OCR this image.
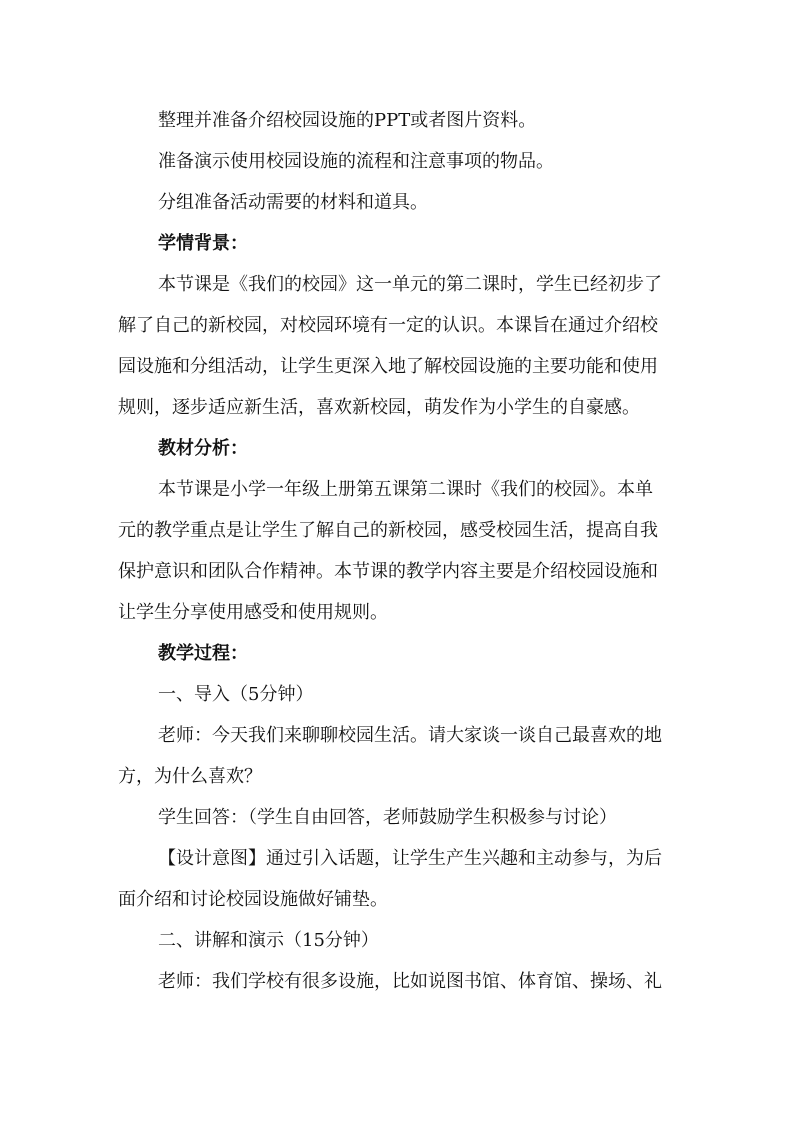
整理并准备介绍校园设施的PPT或者图片资料。
准备演示使用校园设施的流程和注意事项的物品。
分组准备活动需要的材料和道具。
学情背景：
本节课是《我们的校园》这一单元的第二课时，学生已经初步了
解了自己的新校园，对校园环境有一定的认识。本课旨在通过介绍校
园设施和分组活动，让学生更深入地了解校园设施的主要功能和使用
规则，逐步适应新生活，喜欢新校园，萌发作为小学生的自豪感。
教材分析：
本节课是小学一年级上册第五课第二课时《我们的校园》。本单
元的教学重点是让学生了解自己的新校园，感受校园生活，提高自我
保护意识和团队合作精神。本节课的教学内容主要是介绍校园设施和
让学生分享使用感受和使用规则。
教学过程：
一、导入（5分钟）
老师：今天我们来聊聊校园生活。请大家谈一谈自己最喜欢的地
方，为什么喜欢？
学生回答：（学生自由回答，老师鼓励学生积极参与讨论）
【设计意图】通过引入话题，让学生产生兴趣和主动参与，为后
面介绍和讨论校园设施做好铺垫。
二、讲解和演示（15分钟）
老师：我们学校有很多设施，比如说图书馆、体育馆、操场、礼
